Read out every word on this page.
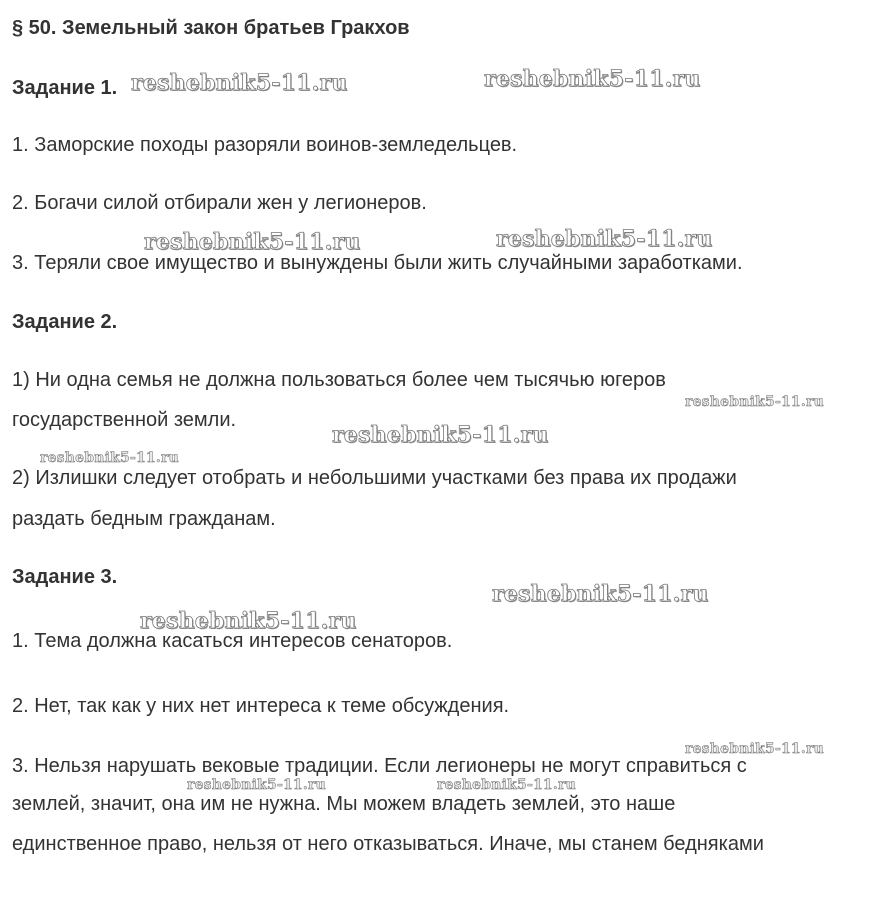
§ 50. Земельный закон братьев Гракхов
Задание 1.
1. Заморские походы разоряли воинов-земледельцев.
2. Богачи силой отбирали жен у легионеров.
3. Теряли свое имущество и вынуждены были жить случайными заработками.
Задание 2.
1) Ни одна семья не должна пользоваться более чем тысячью югеров
государственной земли.
2) Излишки следует отобрать и небольшими участками без права их продажи
раздать бедным гражданам.
Задание 3.
1. Тема должна касаться интересов сенаторов.
2. Нет, так как у них нет интереса к теме обсуждения.
3. Нельзя нарушать вековые традиции. Если легионеры не могут справиться с
землей, значит, она им не нужна. Мы можем владеть землей, это наше
единственное право, нельзя от него отказываться. Иначе, мы станем бедняками
reshebnik5-11.ru	reshebnik5-11.ru
reshebnik5-11.ru	reshebnik5-11.ru
reshebnik5-11.ru
reshebnik5-11.ru
reshebnik5-11.ru
reshebnik5-11.ru
reshebnik5-11.ru
reshebnik5-11.ru
reshebnik5-11.ru	reshebnik5-11.ru
